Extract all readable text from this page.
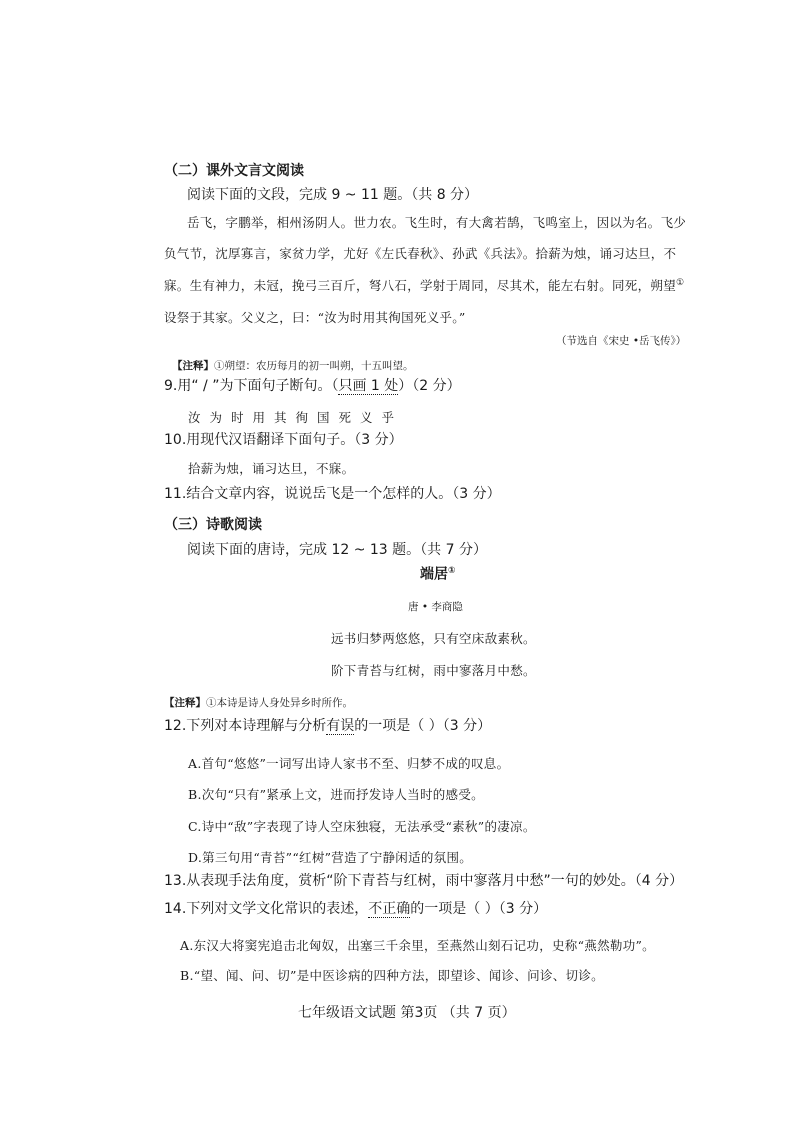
（二）课外文言文阅读
阅读下面的文段，完成 9 ~ 11 题。（共 8 分）
岳飞，字鹏举，相州汤阴人。世力农。飞生时，有大禽若鹄，飞鸣室上，因以为名。飞少
负气节，沈厚寡言，家贫力学，尤好《左氏春秋》、孙武《兵法》。拾薪为烛，诵习达旦，不
寐。生有神力，未冠，挽弓三百斤，弩八石，学射于周同，尽其术，能左右射。同死，朔望①
设祭于其家。父义之，曰：“汝为时用其徇国死义乎。”
（节选自《宋史 •岳飞传》）
【注释】①朔望：农历每月的初一叫朔，十五叫望。
9.用“ / ”为下面句子断句。（只画 1 处）（2 分）
汝为时用其徇国死义乎
10.用现代汉语翻译下面句子。（3 分）
拾薪为烛，诵习达旦，不寐。
11.结合文章内容，说说岳飞是一个怎样的人。（3 分）
（三）诗歌阅读
阅读下面的唐诗，完成 12 ~ 13 题。（共 7 分）
端居①
唐 • 李商隐
远书归梦两悠悠，只有空床敌素秋。
阶下青苔与红树，雨中寥落月中愁。
【注释】①本诗是诗人身处异乡时所作。
12.下列对本诗理解与分析有误的一项是（ ）（3 分）
A.首句“悠悠”一词写出诗人家书不至、归梦不成的叹息。
B.次句“只有”紧承上文，进而抒发诗人当时的感受。
C.诗中“敌”字表现了诗人空床独寝，无法承受“素秋”的凄凉。
D.第三句用“青苔”“红树”营造了宁静闲适的氛围。
13.从表现手法角度，赏析“阶下青苔与红树，雨中寥落月中愁”一句的妙处。（4 分）
14.下列对文学文化常识的表述，不正确的一项是（ ）（3 分）
A.东汉大将窦宪追击北匈奴，出塞三千余里，至燕然山刻石记功，史称“燕然勒功”。
B.“望、闻、问、切”是中医诊病的四种方法，即望诊、闻诊、问诊、切诊。
七年级语文试题 第3页 （共 7 页）
